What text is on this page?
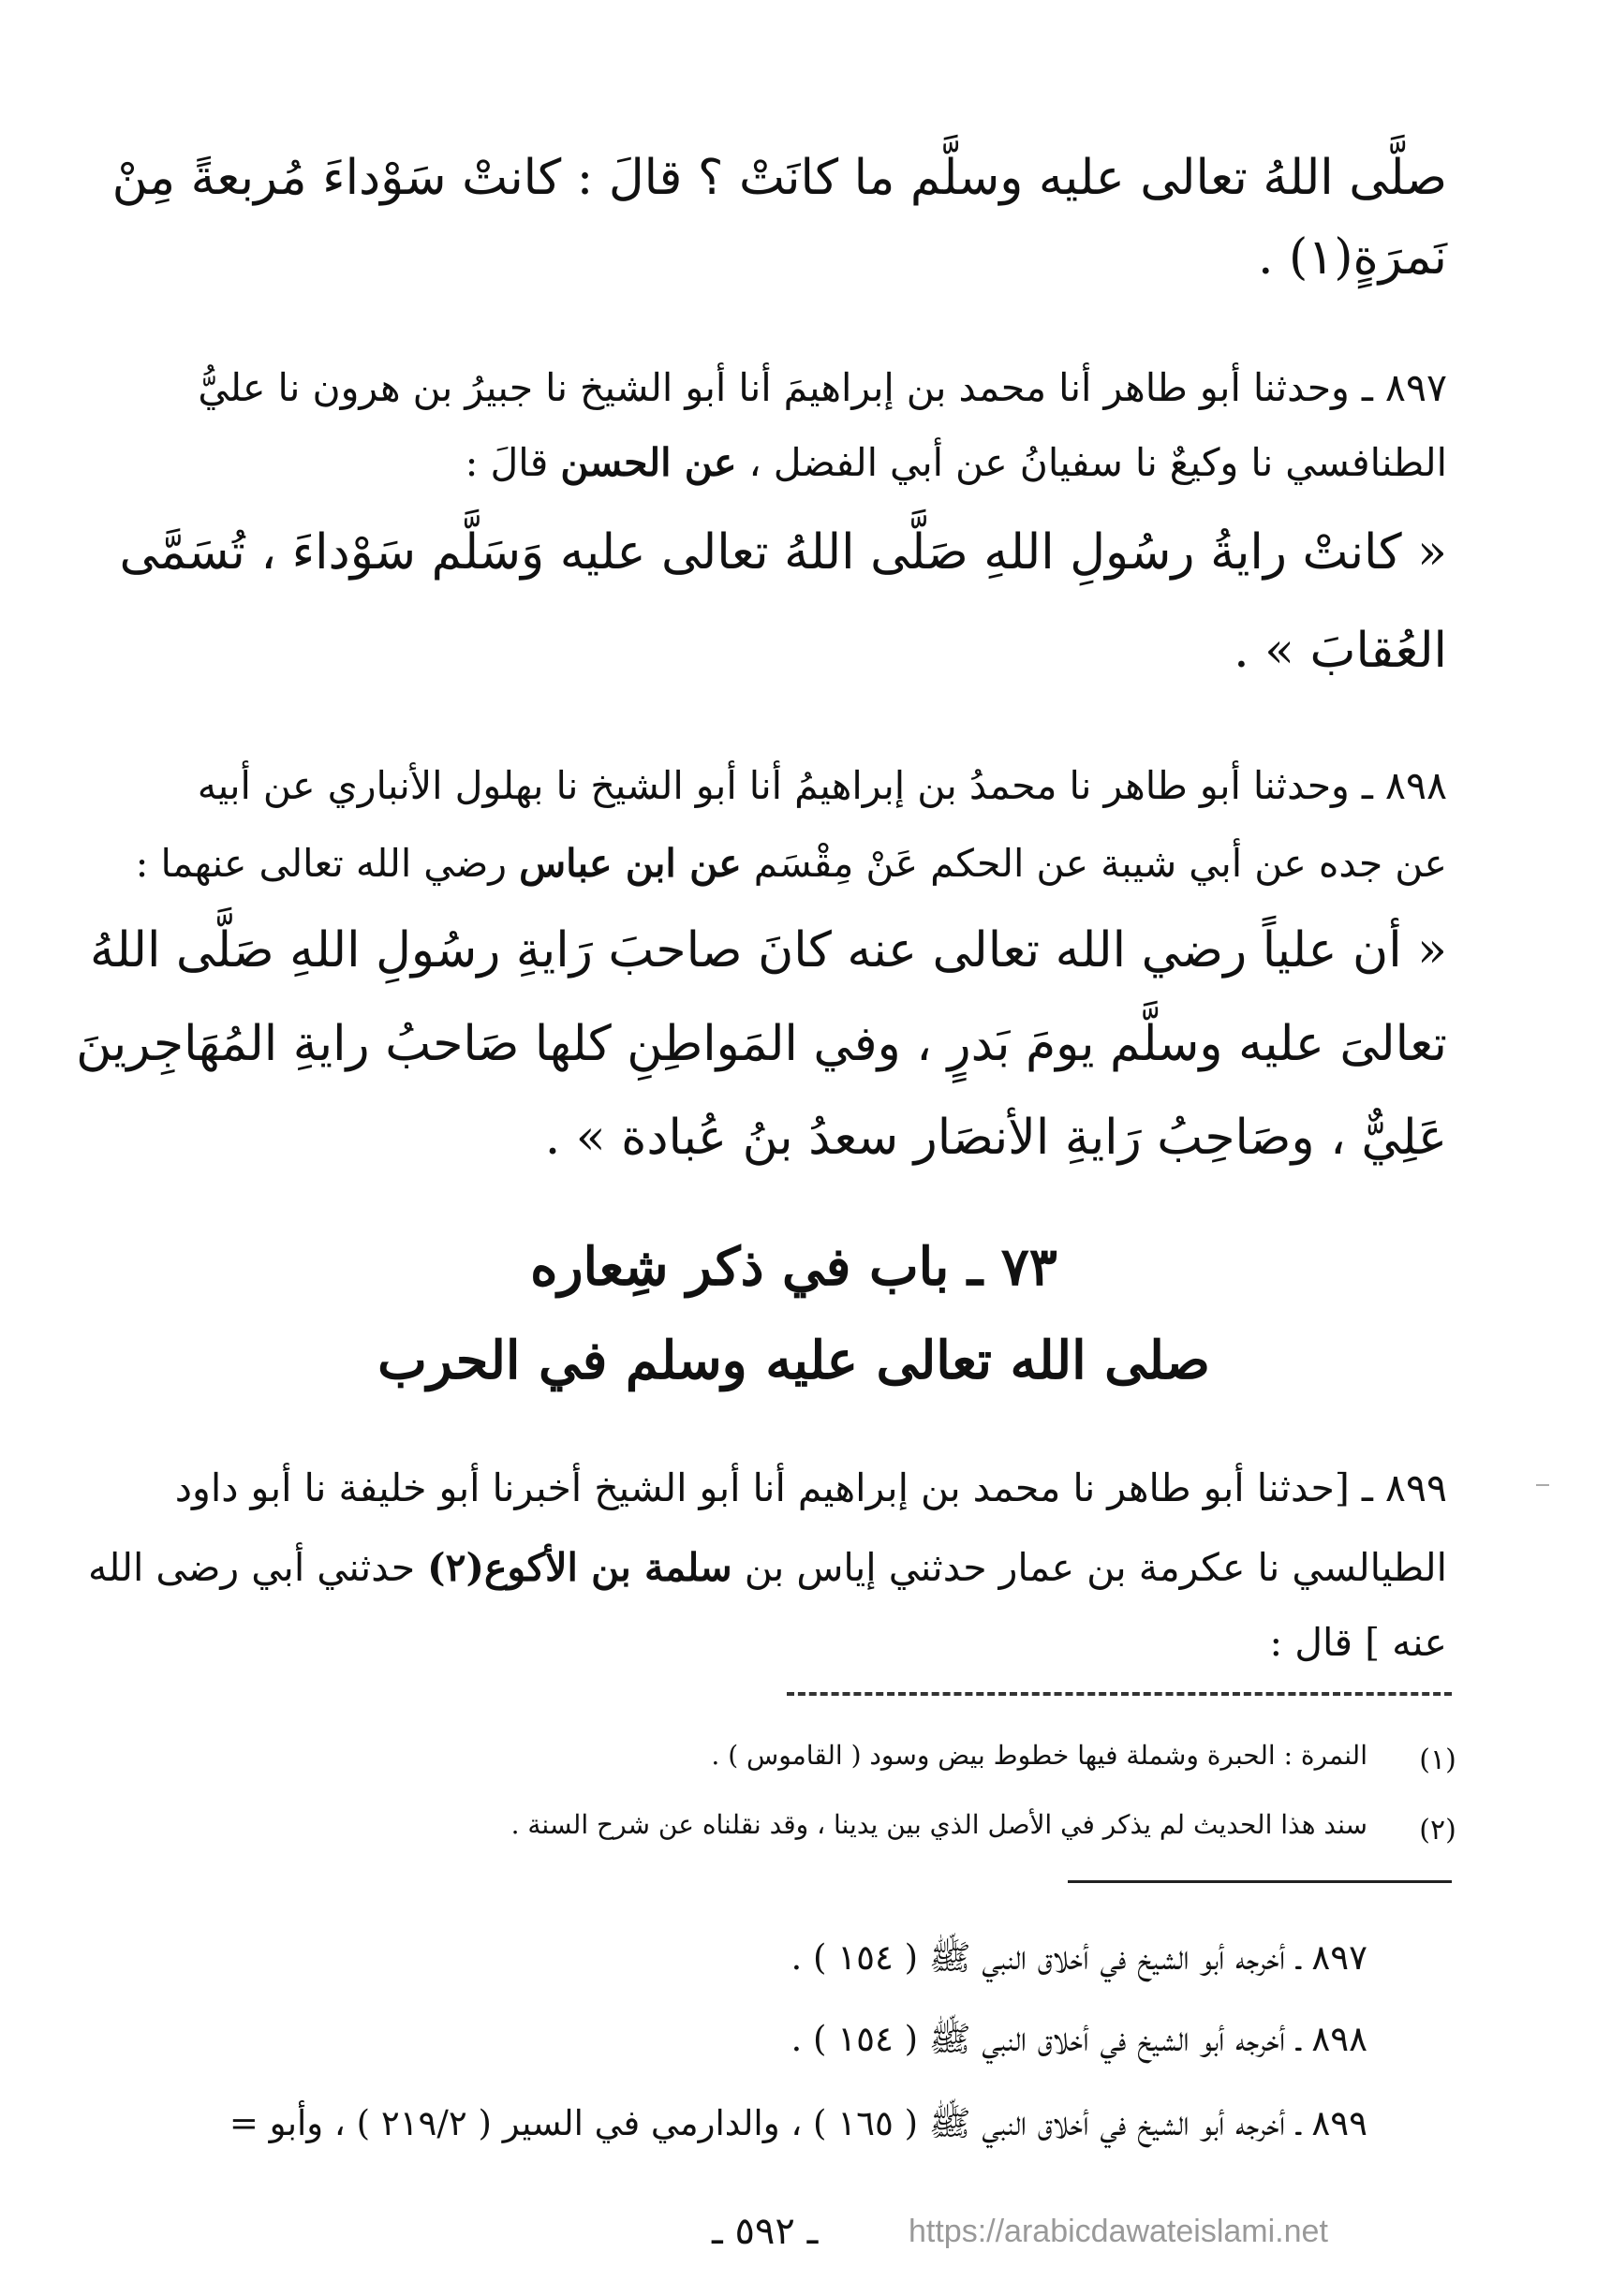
صلَّى اللهُ تعالى عليه وسلَّم ما كانَتْ ؟ قالَ : كانتْ سَوْداءَ مُربعةً مِنْ
نَمرَةٍ(١) .
٨٩٧ ـ وحدثنا أبو طاهر أنا محمد بن إبراهيمَ أنا أبو الشيخ نا جبيرُ بن هرون نا عليُّ
الطنافسي نا وكيعٌ نا سفيانُ عن أبي الفضل ، عن الحسن قالَ :
« كانتْ رايةُ رسُولِ اللهِ صَلَّى اللهُ تعالى عليه وَسَلَّم سَوْداءَ ، تُسَمَّى
العُقابَ » .
٨٩٨ ـ وحدثنا أبو طاهر نا محمدُ بن إبراهيمُ أنا أبو الشيخ نا بهلول الأنباري عن أبيه
عن جده عن أبي شيبة عن الحكم عَنْ مِقْسَم عن ابن عباس رضي الله تعالى عنهما :
« أن علياً رضي الله تعالى عنه كانَ صاحبَ رَايةِ رسُولِ اللهِ صَلَّى اللهُ
تعالىَ عليه وسلَّم يومَ بَدرٍ ، وفي المَواطِنِ كلها صَاحبُ رايةِ المُهَاجِرينَ
عَلِيٌّ ، وصَاحِبُ رَايةِ الأنصَار سعدُ بنُ عُبادة » .
٧٣ ـ باب في ذكر شِعاره
صلى الله تعالى عليه وسلم في الحرب
٨٩٩ ـ [حدثنا أبو طاهر نا محمد بن إبراهيم أنا أبو الشيخ أخبرنا أبو خليفة نا أبو داود
الطيالسي نا عكرمة بن عمار حدثني إياس بن سلمة بن الأكوع(٢) حدثني أبي رضى الله
عنه ] قال :
(١)
النمرة : الحبرة وشملة فيها خطوط بيض وسود ( القاموس ) .
(٢)
سند هذا الحديث لم يذكر في الأصل الذي بين يدينا ، وقد نقلناه عن شرح السنة .
٨٩٧ ـ أخرجه أبو الشيخ في أخلاق النبي ﷺ ( ١٥٤ ) .
٨٩٨ ـ أخرجه أبو الشيخ في أخلاق النبي ﷺ ( ١٥٤ ) .
٨٩٩ ـ أخرجه أبو الشيخ في أخلاق النبي ﷺ ( ١٦٥ ) ، والدارمي في السير ( ٢١٩/٢ ) ، وأبو =
ـ ٥٩٢ ـ	https://arabicdawateislami.net
